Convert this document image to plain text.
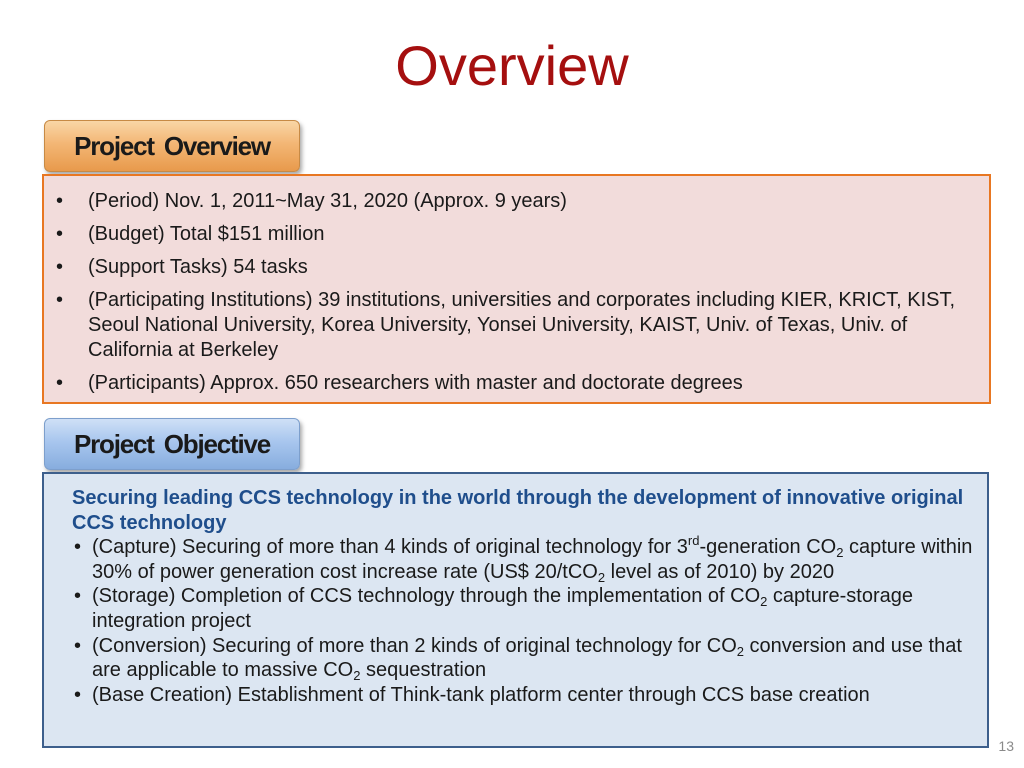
Overview
Project Overview
• (Period) Nov. 1, 2011~May 31, 2020 (Approx. 9 years)
• (Budget) Total $151 million
• (Support Tasks) 54 tasks
• (Participating Institutions) 39 institutions, universities and corporates including KIER, KRICT, KIST, Seoul National University, Korea University, Yonsei University, KAIST, Univ. of Texas, Univ. of California at Berkeley
• (Participants) Approx. 650 researchers with master and doctorate degrees
Project Objective
Securing leading CCS technology in the world through the development of innovative original CCS technology
• (Capture) Securing of more than 4 kinds of original technology for 3rd-generation $CO_2$ capture within 30% of power generation cost increase rate (US$ 20/tCO$_2$ level as of 2010) by 2020
• (Storage) Completion of CCS technology through the implementation of $CO_2$ capture-storage integration project
• (Conversion) Securing of more than 2 kinds of original technology for $CO_2$ conversion and use that are applicable to massive $CO_2$ sequestration
• (Base Creation) Establishment of Think-tank platform center through CCS base creation
13
